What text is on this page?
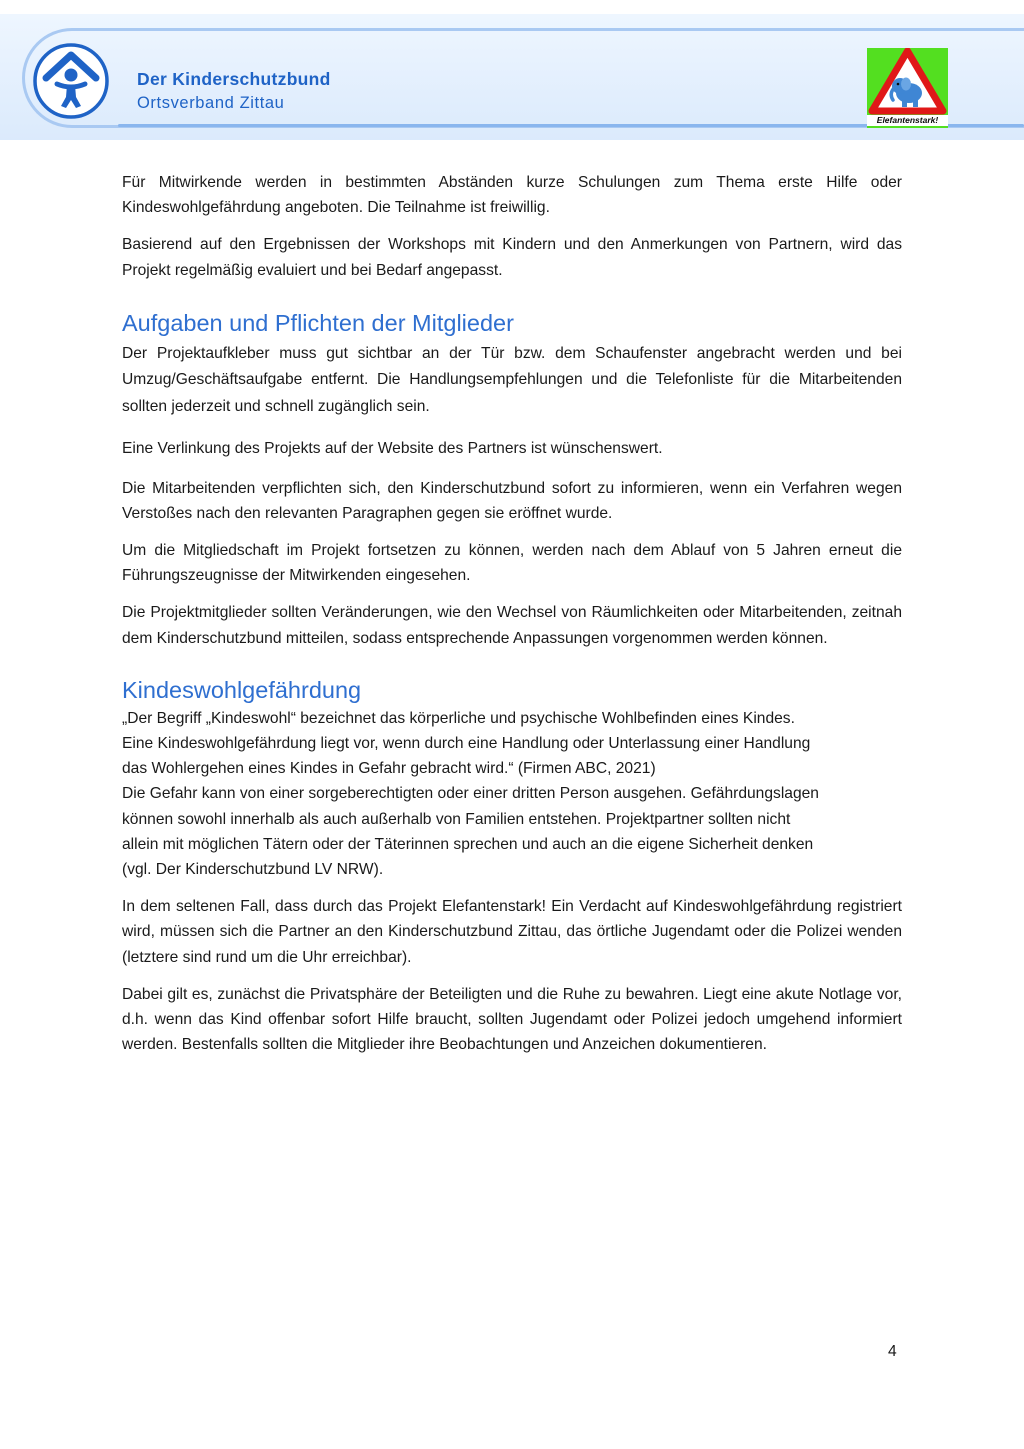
Der Kinderschutzbund
Ortsverband Zittau
Elefantenstark!

Für Mitwirkende werden in bestimmten Abständen kurze Schulungen zum Thema erste Hilfe oder Kindeswohlgefährdung angeboten. Die Teilnahme ist freiwillig.

Basierend auf den Ergebnissen der Workshops mit Kindern und den Anmerkungen von Partnern, wird das Projekt regelmäßig evaluiert und bei Bedarf angepasst.

Aufgaben und Pflichten der Mitglieder

Der Projektaufkleber muss gut sichtbar an der Tür bzw. dem Schaufenster angebracht werden und bei Umzug/Geschäftsaufgabe entfernt. Die Handlungsempfehlungen und die Telefonliste für die Mitarbeitenden sollten jederzeit und schnell zugänglich sein.

Eine Verlinkung des Projekts auf der Website des Partners ist wünschenswert.

Die Mitarbeitenden verpflichten sich, den Kinderschutzbund sofort zu informieren, wenn ein Verfahren wegen Verstoßes nach den relevanten Paragraphen gegen sie eröffnet wurde.

Um die Mitgliedschaft im Projekt fortsetzen zu können, werden nach dem Ablauf von 5 Jahren erneut die Führungszeugnisse der Mitwirkenden eingesehen.

Die Projektmitglieder sollten Veränderungen, wie den Wechsel von Räumlichkeiten oder Mitarbeitenden, zeitnah dem Kinderschutzbund mitteilen, sodass entsprechende Anpassungen vorgenommen werden können.

Kindeswohlgefährdung

„Der Begriff „Kindeswohl“ bezeichnet das körperliche und psychische Wohlbefinden eines Kindes.
Eine Kindeswohlgefährdung liegt vor, wenn durch eine Handlung oder Unterlassung einer Handlung
das Wohlergehen eines Kindes in Gefahr gebracht wird.“ (Firmen ABC, 2021)
Die Gefahr kann von einer sorgeberechtigten oder einer dritten Person ausgehen. Gefährdungslagen
können sowohl innerhalb als auch außerhalb von Familien entstehen. Projektpartner sollten nicht
allein mit möglichen Tätern oder der Täterinnen sprechen und auch an die eigene Sicherheit denken
(vgl. Der Kinderschutzbund LV NRW).

In dem seltenen Fall, dass durch das Projekt Elefantenstark! Ein Verdacht auf Kindeswohlgefährdung registriert wird, müssen sich die Partner an den Kinderschutzbund Zittau, das örtliche Jugendamt oder die Polizei wenden (letztere sind rund um die Uhr erreichbar).

Dabei gilt es, zunächst die Privatsphäre der Beteiligten und die Ruhe zu bewahren. Liegt eine akute Notlage vor, d.h. wenn das Kind offenbar sofort Hilfe braucht, sollten Jugendamt oder Polizei jedoch umgehend informiert werden. Bestenfalls sollten die Mitglieder ihre Beobachtungen und Anzeichen dokumentieren.

4
